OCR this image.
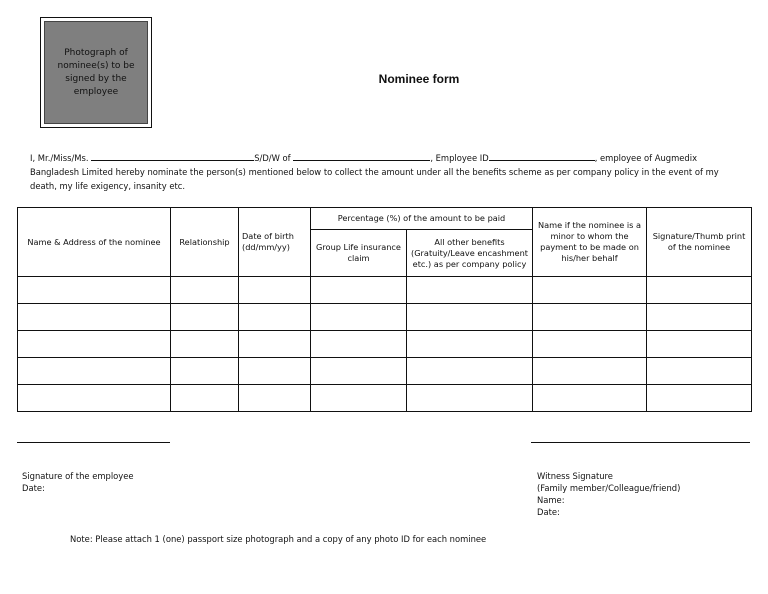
Photograph of nominee(s) to be signed by the employee
Nominee form
I, Mr./Miss/Ms.	S/D/W of	, Employee ID	, employee of Augmedix Bangladesh Limited hereby nominate the person(s) mentioned below to collect the amount under all the benefits scheme as per company policy in the event of my death, my life exigency, insanity etc.
Name & Address of the nominee	Relationship	Date of birth (dd/mm/yy)	Percentage (%) of the amount to be paid		Name if the nominee is a minor to whom the payment to be made on his/her behalf	Signature/Thumb print of the nominee
			Group Life insurance claim	All other benefits (Gratuity/Leave encashment etc.) as per company policy		

Signature of the employee
Date:
Witness Signature
(Family member/Colleague/friend)
Name:
Date:
Note: Please attach 1 (one) passport size photograph and a copy of any photo ID for each nominee
